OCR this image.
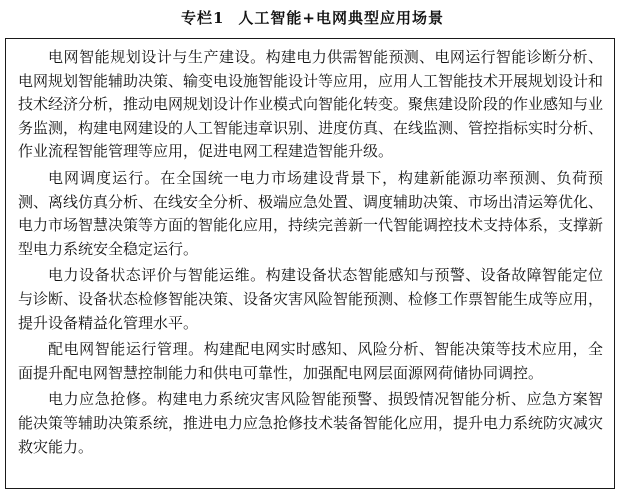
专栏1 人工智能+电网典型应用场景

电网智能规划设计与生产建设。构建电力供需智能预测、电网运行智能诊断分析、电网规划智能辅助决策、输变电设施智能设计等应用，应用人工智能技术开展规划设计和技术经济分析，推动电网规划设计作业模式向智能化转变。聚焦建设阶段的作业感知与业务监测，构建电网建设的人工智能违章识别、进度仿真、在线监测、管控指标实时分析、作业流程智能管理等应用，促进电网工程建造智能升级。

电网调度运行。在全国统一电力市场建设背景下，构建新能源功率预测、负荷预测、离线仿真分析、在线安全分析、极端应急处置、调度辅助决策、市场出清运筹优化、电力市场智慧决策等方面的智能化应用，持续完善新一代智能调控技术支持体系，支撑新型电力系统安全稳定运行。

电力设备状态评价与智能运维。构建设备状态智能感知与预警、设备故障智能定位与诊断、设备状态检修智能决策、设备灾害风险智能预测、检修工作票智能生成等应用，提升设备精益化管理水平。

配电网智能运行管理。构建配电网实时感知、风险分析、智能决策等技术应用，全面提升配电网智慧控制能力和供电可靠性，加强配电网层面源网荷储协同调控。

电力应急抢修。构建电力系统灾害风险智能预警、损毁情况智能分析、应急方案智能决策等辅助决策系统，推进电力应急抢修技术装备智能化应用，提升电力系统防灾减灾救灾能力。
